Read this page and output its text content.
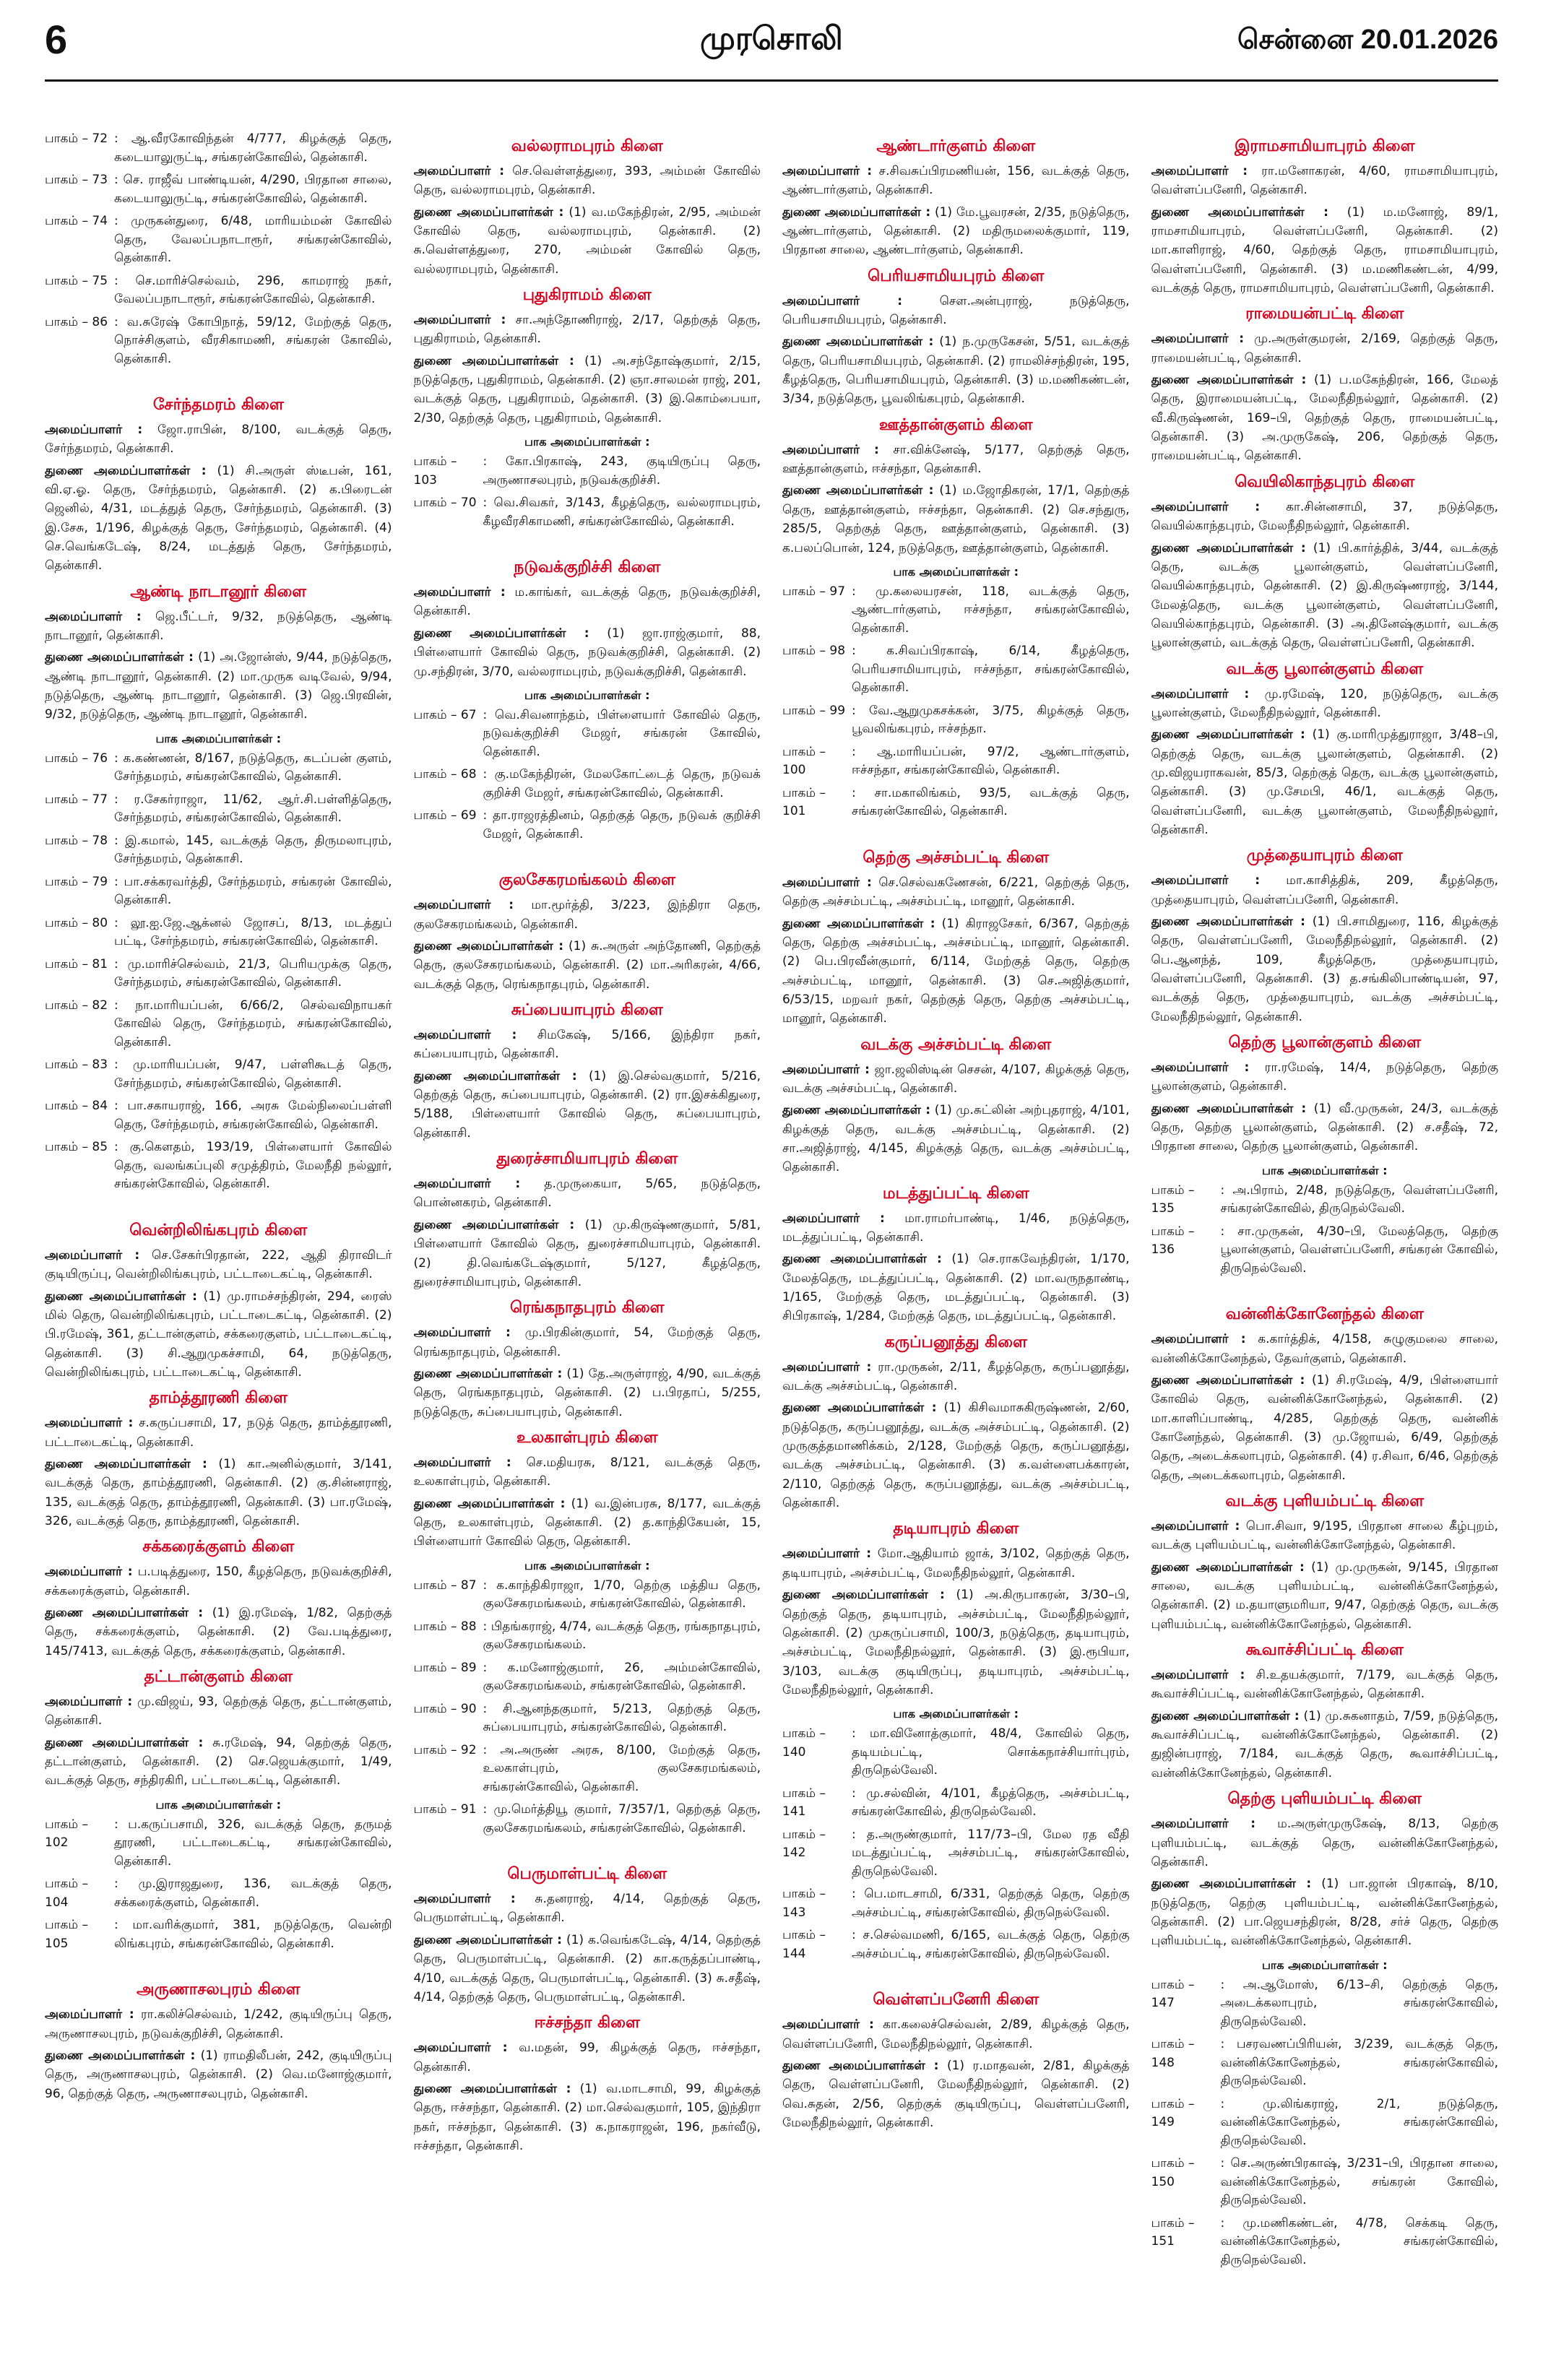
6	முரசொலி	சென்னை 20.01.2026
பாகம் – 72 : ஆ.வீரகோவிந்தன் 4/777, கிழக்குத் தெரு, கடையாலுருட்டி, சங்கரன்கோவில், தென்காசி.
பாகம் – 73 : செ. ராஜீவ் பாண்டியன், 4/290, பிரதான சாலை, கடையாலுருட்டி, சங்கரன்கோவில், தென்காசி.
பாகம் – 74 : முருகன்துரை, 6/48, மாரியம்மன் கோவில் தெரு, வேலப்பநாடாரூர், சங்கரன்கோவில், தென்காசி.
பாகம் – 75 : செ.மாரிச்செல்வம், 296, காமராஜ் நகர், வேலப்பநாடாரூர், சங்கரன்கோவில், தென்காசி.
பாகம் – 86 : வ.சுரேஷ் கோபிநாத், 59/12, மேற்குத் தெரு, நொச்சிகுளம், வீரசிகாமணி, சங்கரன் கோவில், தென்காசி.
சேர்ந்தமரம் கிளை
அமைப்பாளர் : ஜோ.ராபின், 8/100, வடக்குத் தெரு, சேர்ந்தமரம், தென்காசி.
துணை அமைப்பாளர்கள் : (1) சி.அருள் ஸ்டீபன், 161, வி.ஏ.ஓ. தெரு, சேர்ந்தமரம், தென்காசி. (2) க.பிரைடன் ஜெனில், 4/31, மடத்துத் தெரு, சேர்ந்தமரம், தென்காசி. (3) இ.சேசு, 1/196, கிழக்குத் தெரு, சேர்ந்தமரம், தென்காசி. (4) செ.வெங்கடேஷ், 8/24, மடத்துத் தெரு, சேர்ந்தமரம், தென்காசி.
ஆண்டி நாடானூர் கிளை
அமைப்பாளர் : ஜெ.பீட்டர், 9/32, நடுத்தெரு, ஆண்டி நாடானூர், தென்காசி.
துணை அமைப்பாளர்கள் : (1) அ.ஜோன்ஸ், 9/44, நடுத்தெரு, ஆண்டி நாடானூர், தென்காசி. (2) மா.முருக வடிவேல், 9/94, நடுத்தெரு, ஆண்டி நாடானூர், தென்காசி. (3) ஜெ.பிரவின், 9/32, நடுத்தெரு, ஆண்டி நாடானூர், தென்காசி.
பாக அமைப்பாளர்கள் :
பாகம் – 76 : க.கண்ணன், 8/167, நடுத்தெரு, கடப்பன் குளம், சேர்ந்தமரம், சங்கரன்கோவில், தென்காசி.
பாகம் – 77 : ர.சேகர்ராஜா, 11/62, ஆர்.சி.பள்ளித்தெரு, சேர்ந்தமரம், சங்கரன்கோவில், தென்காசி.
பாகம் – 78 : இ.கமால், 145, வடக்குத் தெரு, திருமலாபுரம், சேர்ந்தமரம், தென்காசி.
பாகம் – 79 : பா.சக்கரவர்த்தி, சேர்ந்தமரம், சங்கரன் கோவில், தென்காசி.
பாகம் – 80 : லூ.ஐ.ஜே.ஆக்னல் ஜோசப், 8/13, மடத்துப் பட்டி, சேர்ந்தமரம், சங்கரன்கோவில், தென்காசி.
பாகம் – 81 : மு.மாரிச்செல்வம், 21/3, பெரியமுக்கு தெரு, சேர்ந்தமரம், சங்கரன்கோவில், தென்காசி.
பாகம் – 82 : நா.மாரியப்பன், 6/66/2, செல்வவிநாயகர் கோவில் தெரு, சேர்ந்தமரம், சங்கரன்கோவில், தென்காசி.
பாகம் – 83 : மு.மாரியப்பன், 9/47, பள்ளிகூடத் தெரு, சேர்ந்தமரம், சங்கரன்கோவில், தென்காசி.
பாகம் – 84 : பா.சகாயராஜ், 166, அரசு மேல்நிலைப்பள்ளி தெரு, சேர்ந்தமரம், சங்கரன்கோவில், தென்காசி.
பாகம் – 85 : கு.கௌதம், 193/19, பிள்ளையார் கோவில் தெரு, வலங்கப்புலி சமுத்திரம், மேலநீதி நல்லூர், சங்கரன்கோவில், தென்காசி.
வென்றிலிங்கபுரம் கிளை
அமைப்பாளர் : செ.சேகர்பிரதான், 222, ஆதி திராவிடர் குடியிருப்பு, வென்றிலிங்கபுரம், பட்டாடைகட்டி, தென்காசி.
துணை அமைப்பாளர்கள் : (1) மு.ராமச்சந்திரன், 294, ரைஸ் மில் தெரு, வென்றிலிங்கபுரம், பட்டாடைகட்டி, தென்காசி. (2) பி.ரமேஷ், 361, தட்டான்குளம், சக்கரைகுளம், பட்டாடைகட்டி, தென்காசி. (3) சி.ஆறுமுகச்சாமி, 64, நடுத்தெரு, வென்றிலிங்கபுரம், பட்டாடைகட்டி, தென்காசி.
தாம்த்தூரணி கிளை
அமைப்பாளர் : ச.கருப்பசாமி, 17, நடுத் தெரு, தாம்த்தூரணி, பட்டாடைகட்டி, தென்காசி.
துணை அமைப்பாளர்கள் : (1) கா.அனில்குமார், 3/141, வடக்குத் தெரு, தாம்த்தூரணி, தென்காசி. (2) கு.சின்னராஜ், 135, வடக்குத் தெரு, தாம்த்தூரணி, தென்காசி. (3) பா.ரமேஷ், 326, வடக்குத் தெரு, தாம்த்தூரணி, தென்காசி.
சக்கரைக்குளம் கிளை
அமைப்பாளர் : ப.படித்துரை, 150, கீழத்தெரு, நடுவக்குறிச்சி, சக்கரைக்குளம், தென்காசி.
துணை அமைப்பாளர்கள் : (1) இ.ரமேஷ், 1/82, தெற்குத் தெரு, சக்கரைக்குளம், தென்காசி. (2) வே.படித்துரை, 145/7413, வடக்குத் தெரு, சக்கரைக்குளம், தென்காசி.
தட்டான்குளம் கிளை
அமைப்பாளர் : மு.விஜய், 93, தெற்குத் தெரு, தட்டான்குளம், தென்காசி.
துணை அமைப்பாளர்கள் : சு.ரமேஷ், 94, தெற்குத் தெரு, தட்டான்குளம், தென்காசி. (2) செ.ஜெயக்குமார், 1/49, வடக்குத் தெரு, சந்திரகிரி, பட்டாடைகட்டி, தென்காசி.
பாக அமைப்பாளர்கள் :
பாகம் – 102
: ப.கருப்பசாமி, 326, வடக்குத் தெரு, தருமத் தூரணி, பட்டாடைகட்டி, சங்கரன்கோவில், தென்காசி.
பாகம் – 104
: மு.இராஜதுரை, 136, வடக்குத் தெரு, சக்கரைக்குளம், தென்காசி.
பாகம் – 105
: மா.வரிக்குமார், 381, நடுத்தெரு, வென்றி லிங்கபுரம், சங்கரன்கோவில், தென்காசி.
அருணாசலபுரம் கிளை
அமைப்பாளர் : ரா.கலிச்செல்வம், 1/242, குடியிருப்பு தெரு, அருணாசலபுரம், நடுவக்குறிச்சி, தென்காசி.
துணை அமைப்பாளர்கள் : (1) ராமதிலீபன், 242, குடியிருப்பு தெரு, அருணாசலபுரம், தென்காசி. (2) வெ.மனோஜ்குமார், 96, தெற்குத் தெரு, அருணாசலபுரம், தென்காசி.
வல்லராமபுரம் கிளை
அமைப்பாளர் : செ.வெள்ளத்துரை, 393, அம்மன் கோவில் தெரு, வல்லராமபுரம், தென்காசி.
துணை அமைப்பாளர்கள் : (1) வ.மகேந்திரன், 2/95, அம்மன் கோவில் தெரு, வல்லராமபுரம், தென்காசி. (2) சு.வெள்ளத்துரை, 270, அம்மன் கோவில் தெரு, வல்லராமபுரம், தென்காசி.
புதுகிராமம் கிளை
அமைப்பாளர் : சா.அந்தோணிராஜ், 2/17, தெற்குத் தெரு, புதுகிராமம், தென்காசி.
துணை அமைப்பாளர்கள் : (1) அ.சந்தோஷ்குமார், 2/15, நடுத்தெரு, புதுகிராமம், தென்காசி. (2) ஞா.சாலமன் ராஜ், 201, வடக்குத் தெரு, புதுகிராமம், தென்காசி. (3) இ.கொம்பையா, 2/30, தெற்குத் தெரு, புதுகிராமம், தென்காசி.
பாக அமைப்பாளர்கள் :
பாகம் – 103
: கோ.பிரகாஷ், 243, குடியிருப்பு தெரு, அருணாசலபுரம், நடுவக்குறிச்சி.
பாகம் – 70 : வெ.சிவகர், 3/143, கீழத்தெரு, வல்லராமபுரம், கீழவீரசிகாமணி, சங்கரன்கோவில், தென்காசி.
நடுவக்குறிச்சி கிளை
அமைப்பாளர் : ம.காங்கர், வடக்குத் தெரு, நடுவக்குறிச்சி, தென்காசி.
துணை அமைப்பாளர்கள் : (1) ஜா.ராஜ்குமார், 88, பிள்ளையார் கோவில் தெரு, நடுவக்குறிச்சி, தென்காசி. (2) மு.சந்திரன், 3/70, வல்லராமபுரம், நடுவக்குறிச்சி, தென்காசி.
பாக அமைப்பாளர்கள் :
பாகம் – 67 : வெ.சிவனாந்தம், பிள்ளையார் கோவில் தெரு, நடுவக்குறிச்சி மேஜர், சங்கரன் கோவில், தென்காசி.
பாகம் – 68 : கு.மகேந்திரன், மேலகோட்டைத் தெரு, நடுவக் குறிச்சி மேஜர், சங்கரன்கோவில், தென்காசி.
பாகம் – 69 : தா.ராஜரத்தினம், தெற்குத் தெரு, நடுவக் குறிச்சி மேஜர், தென்காசி.
குலசேகரமங்கலம் கிளை
அமைப்பாளர் : மா.மூர்த்தி, 3/223, இந்திரா தெரு, குலசேகரமங்கலம், தென்காசி.
துணை அமைப்பாளர்கள் : (1) சு.அருள் அந்தோணி, தெற்குத் தெரு, குலசேகரமங்கலம், தென்காசி. (2) மா.அரிகரன், 4/66, வடக்குத் தெரு, ரெங்கநாதபுரம், தென்காசி.
சுப்பையாபுரம் கிளை
அமைப்பாளர் : சிமகேஷ், 5/166, இந்திரா நகர், சுப்பையாபுரம், தென்காசி.
துணை அமைப்பாளர்கள் : (1) இ.செல்வகுமார், 5/216, தெற்குத் தெரு, சுப்பையாபுரம், தென்காசி. (2) ரா.இசக்கிதுரை, 5/188, பிள்ளையார் கோவில் தெரு, சுப்பையாபுரம், தென்காசி.
துரைச்சாமியாபுரம் கிளை
அமைப்பாளர் : த.முருகையா, 5/65, நடுத்தெரு, பொன்னகரம், தென்காசி.
துணை அமைப்பாளர்கள் : (1) மு.கிருஷ்ணகுமார், 5/81, பிள்ளையார் கோவில் தெரு, துரைச்சாமியாபுரம், தென்காசி. (2) தி.வெங்கடேஷ்குமார், 5/127, கீழத்தெரு, துரைச்சாமியாபுரம், தென்காசி.
ரெங்கநாதபுரம் கிளை
அமைப்பாளர் : மு.பிரகின்குமார், 54, மேற்குத் தெரு, ரெங்கநாதபுரம், தென்காசி.
துணை அமைப்பாளர்கள் : (1) தே.அருள்ராஜ், 4/90, வடக்குத் தெரு, ரெங்கநாதபுரம், தென்காசி. (2) ப.பிரதாப், 5/255, நடுத்தெரு, சுப்பையாபுரம், தென்காசி.
உலகாள்புரம் கிளை
அமைப்பாளர் : செ.மதியரசு, 8/121, வடக்குத் தெரு, உலகாள்புரம், தென்காசி.
துணை அமைப்பாளர்கள் : (1) வ.இன்பரசு, 8/177, வடக்குத் தெரு, உலகாள்புரம், தென்காசி. (2) த.காந்திகேயன், 15, பிள்ளையார் கோவில் தெரு, தென்காசி.
பாக அமைப்பாளர்கள் :
பாகம் – 87 : க.காந்திகிராஜா, 1/70, தெற்கு மத்திய தெரு, குலசேகரமங்கலம், சங்கரன்கோவில், தென்காசி.
பாகம் – 88 : பிதங்கராஜ், 4/74, வடக்குத் தெரு, ரங்கநாதபுரம், குலசேகரமங்கலம்.
பாகம் – 89 : க.மனோஜ்குமார், 26, அம்மன்கோவில், குலசேகரமங்கலம், சங்கரன்கோவில், தென்காசி.
பாகம் – 90 : சி.ஆனந்தகுமார், 5/213, தெற்குத் தெரு, சுப்பையாபுரம், சங்கரன்கோவில், தென்காசி.
பாகம் – 92 : அ.அருண் அரசு, 8/100, மேற்குத் தெரு, உலகாள்புரம், குலசேகரமங்கலம், சங்கரன்கோவில், தென்காசி.
பாகம் – 91 : மு.மெர்த்தியூ குமார், 7/357/1, தெற்குத் தெரு, குலசேகரமங்கலம், சங்கரன்கோவில், தென்காசி.
பெருமாள்பட்டி கிளை
அமைப்பாளர் : சு.தனராஜ், 4/14, தெற்குத் தெரு, பெருமாள்பட்டி, தென்காசி.
துணை அமைப்பாளர்கள் : (1) க.வெங்கடேஷ், 4/14, தெற்குத் தெரு, பெருமாள்பட்டி, தென்காசி. (2) கா.கருத்தப்பாண்டி, 4/10, வடக்குத் தெரு, பெருமாள்பட்டி, தென்காசி. (3) சு.சதீஷ், 4/14, தெற்குத் தெரு, பெருமாள்பட்டி, தென்காசி.
ஈச்சந்தா கிளை
அமைப்பாளர் : வ.மதன், 99, கிழக்குத் தெரு, ஈச்சந்தா, தென்காசி.
துணை அமைப்பாளர்கள் : (1) வ.மாடசாமி, 99, கிழக்குத் தெரு, ஈச்சந்தா, தென்காசி. (2) மா.செல்வகுமார், 105, இந்திரா நகர், ஈச்சந்தா, தென்காசி. (3) க.நாகராஜன், 196, நகர்வீடு, ஈச்சந்தா, தென்காசி.
ஆண்டார்குளம் கிளை
அமைப்பாளர் : ச.சிவசுப்பிரமணியன், 156, வடக்குத் தெரு, ஆண்டார்குளம், தென்காசி.
துணை அமைப்பாளர்கள் : (1) மே.பூவரசன், 2/35, நடுத்தெரு, ஆண்டார்குளம், தென்காசி. (2) மதிருமலைக்குமார், 119, பிரதான சாலை, ஆண்டார்குளம், தென்காசி.
பெரியசாமியபுரம் கிளை
அமைப்பாளர் : செள.அன்புராஜ், நடுத்தெரு, பெரியசாமியபுரம், தென்காசி.
துணை அமைப்பாளர்கள் : (1) ந.முருகேசன், 5/51, வடக்குத் தெரு, பெரியசாமியபுரம், தென்காசி. (2) ராமலிச்சந்திரன், 195, கீழத்தெரு, பெரியசாமியபுரம், தென்காசி. (3) ம.மணிகண்டன், 3/34, நடுத்தெரு, பூவலிங்கபுரம், தென்காசி.
ஊத்தான்குளம் கிளை
அமைப்பாளர் : சா.விக்னேஷ், 5/177, தெற்குத் தெரு, ஊத்தான்குளம், ஈச்சந்தா, தென்காசி.
துணை அமைப்பாளர்கள் : (1) ம.ஜோதிகரன், 17/1, தெற்குத் தெரு, ஊத்தான்குளம், ஈச்சந்தா, தென்காசி. (2) செ.சந்துரு, 285/5, தெற்குத் தெரு, ஊத்தான்குளம், தென்காசி. (3) க.பலப்பொன், 124, நடுத்தெரு, ஊத்தான்குளம், தென்காசி.
பாக அமைப்பாளர்கள் :
பாகம் – 97 : மு.கலையரசன், 118, வடக்குத் தெரு, ஆண்டார்குளம், ஈச்சந்தா, சங்கரன்கோவில், தென்காசி.
பாகம் – 98 : க.சிவப்பிரகாஷ், 6/14, கீழத்தெரு, பெரியசாமியாபுரம், ஈச்சந்தா, சங்கரன்கோவில், தென்காசி.
பாகம் – 99 : வே.ஆறுமுகசக்கன், 3/75, கிழக்குத் தெரு, பூவலிங்கபுரம், ஈச்சந்தா.
பாகம் – 100
: ஆ.மாரியப்பன், 97/2, ஆண்டார்குளம், ஈச்சந்தா, சங்கரன்கோவில், தென்காசி.
பாகம் – 101
: சா.மகாலிங்கம், 93/5, வடக்குத் தெரு, சங்கரன்கோவில், தென்காசி.
தெற்கு அச்சம்பட்டி கிளை
அமைப்பாளர் : செ.செல்வகணேசன், 6/221, தெற்குத் தெரு, தெற்கு அச்சம்பட்டி, அச்சம்பட்டி, மானூர், தென்காசி.
துணை அமைப்பாளர்கள் : (1) கிராஜசேகர், 6/367, தெற்குத் தெரு, தெற்கு அச்சம்பட்டி, அச்சம்பட்டி, மானூர், தென்காசி. (2) பெ.பிரவீன்குமார், 6/114, மேற்குத் தெரு, தெற்கு அச்சம்பட்டி, மானூர், தென்காசி. (3) செ.அஜித்குமார், 6/53/15, மறவர் நகர், தெற்குத் தெரு, தெற்கு அச்சம்பட்டி, மானூர், தென்காசி.
வடக்கு அச்சம்பட்டி கிளை
அமைப்பாளர் : ஜா.ஜலிஸ்டின் செசன், 4/107, கிழக்குத் தெரு, வடக்கு அச்சம்பட்டி, தென்காசி.
துணை அமைப்பாளர்கள் : (1) மு.சுட்லின் அற்புதராஜ், 4/101, கிழக்குத் தெரு, வடக்கு அச்சம்பட்டி, தென்காசி. (2) சா.அஜித்ராஜ், 4/145, கிழக்குத் தெரு, வடக்கு அச்சம்பட்டி, தென்காசி.
மடத்துப்பட்டி கிளை
அமைப்பாளர் : மா.ராமர்பாண்டி, 1/46, நடுத்தெரு, மடத்துப்பட்டி, தென்காசி.
துணை அமைப்பாளர்கள் : (1) செ.ராகவேந்திரன், 1/170, மேலத்தெரு, மடத்துப்பட்டி, தென்காசி. (2) மா.வருநதாண்டி, 1/165, மேற்குத் தெரு, மடத்துப்பட்டி, தென்காசி. (3) சிபிரகாஷ், 1/284, மேற்குத் தெரு, மடத்துப்பட்டி, தென்காசி.
கருப்பனூத்து கிளை
அமைப்பாளர் : ரா.முருகன், 2/11, கீழத்தெரு, கருப்பனூத்து, வடக்கு அச்சம்பட்டி, தென்காசி.
துணை அமைப்பாளர்கள் : (1) கிசிவமாசுகிருஷ்ணன், 2/60, நடுத்தெரு, கருப்பனூத்து, வடக்கு அச்சம்பட்டி, தென்காசி. (2) முருகுத்தமாணிக்கம், 2/128, மேற்குத் தெரு, கருப்பனூத்து, வடக்கு அச்சம்பட்டி, தென்காசி. (3) க.வள்ளைபக்காரன், 2/110, தெற்குத் தெரு, கருப்பனூத்து, வடக்கு அச்சம்பட்டி, தென்காசி.
தடியாபுரம் கிளை
அமைப்பாளர் : மோ.ஆதியாம் ஜாக், 3/102, தெற்குத் தெரு, தடியாபுரம், அச்சம்பட்டி, மேலநீதிநல்லூர், தென்காசி.
துணை அமைப்பாளர்கள் : (1) அ.கிருபாகரன், 3/30–பி, தெற்குத் தெரு, தடியாபுரம், அச்சம்பட்டி, மேலநீதிநல்லூர், தென்காசி. (2) முகருப்பசாமி, 100/3, நடுத்தெரு, தடியாபுரம், அச்சம்பட்டி, மேலநீதிநல்லூர், தென்காசி. (3) இ.ரூபியா, 3/103, வடக்கு குடியிருப்பு, தடியாபுரம், அச்சம்பட்டி, மேலநீதிநல்லூர், தென்காசி.
பாக அமைப்பாளர்கள் :
பாகம் – 140
: மா.வினோத்குமார், 48/4, கோவில் தெரு, தடியம்பட்டி, சொக்கநாச்சியார்புரம், திருநெல்வேலி.
பாகம் – 141
: மு.சல்வின், 4/101, கீழத்தெரு, அச்சம்பட்டி, சங்கரன்கோவில், திருநெல்வேலி.
பாகம் – 142
: த.அருண்குமார், 117/73–பி, மேல ரத வீதி மடத்துப்பட்டி, அச்சம்பட்டி, சங்கரன்கோவில், திருநெல்வேலி.
பாகம் – 143
: பெ.மாடசாமி, 6/331, தெற்குத் தெரு, தெற்கு அச்சம்பட்டி, சங்கரன்கோவில், திருநெல்வேலி.
பாகம் – 144
: ச.செல்வமணி, 6/165, வடக்குத் தெரு, தெற்கு அச்சம்பட்டி, சங்கரன்கோவில், திருநெல்வேலி.
வெள்ளப்பனேரி கிளை
அமைப்பாளர் : கா.கலைச்செல்வன், 2/89, கிழக்குத் தெரு, வெள்ளப்பனேரி, மேலநீதிநல்லூர், தென்காசி.
துணை அமைப்பாளர்கள் : (1) ர.மாதவன், 2/81, கிழக்குத் தெரு, வெள்ளப்பனேரி, மேலநீதிநல்லூர், தென்காசி. (2) வெ.சுதன், 2/56, தெற்குக் குடியிருப்பு, வெள்ளப்பனேரி, மேலநீதிநல்லூர், தென்காசி.
இராமசாமியாபுரம் கிளை
அமைப்பாளர் : ரா.மனோகரன், 4/60, ராமசாமியாபுரம், வெள்ளப்பனேரி, தென்காசி.
துணை அமைப்பாளர்கள் : (1) ம.மனோஜ், 89/1, ராமசாமியாபுரம், வெள்ளப்பனேரி, தென்காசி. (2) மா.காளிராஜ், 4/60, தெற்குத் தெரு, ராமசாமியாபுரம், வெள்ளப்பனேரி, தென்காசி. (3) ம.மணிகண்டன், 4/99, வடக்குத் தெரு, ராமசாமியாபுரம், வெள்ளப்பனேரி, தென்காசி.
ராமையன்பட்டி கிளை
அமைப்பாளர் : மு.அருள்குமரன், 2/169, தெற்குத் தெரு, ராமையன்பட்டி, தென்காசி.
துணை அமைப்பாளர்கள் : (1) ப.மகேந்திரன், 166, மேலத் தெரு, இராமையன்பட்டி, மேலநீதிநல்லூர், தென்காசி. (2) வீ.கிருஷ்ணன், 169–பி, தெற்குத் தெரு, ராமையன்பட்டி, தென்காசி. (3) அ.முருகேஷ், 206, தெற்குத் தெரு, ராமையன்பட்டி, தென்காசி.
வெயிலிகாந்தபுரம் கிளை
அமைப்பாளர் : கா.சின்னசாமி, 37, நடுத்தெரு, வெயில்காந்தபுரம், மேலநீதிநல்லூர், தென்காசி.
துணை அமைப்பாளர்கள் : (1) பி.கார்த்திக், 3/44, வடக்குத் தெரு, வடக்கு பூலான்குளம், வெள்ளப்பனேரி, வெயில்காந்தபுரம், தென்காசி. (2) இ.கிருஷ்ணராஜ், 3/144, மேலத்தெரு, வடக்கு பூலான்குளம், வெள்ளப்பனேரி, வெயில்காந்தபுரம், தென்காசி. (3) அ.தினேஷ்குமார், வடக்கு பூலான்குளம், வடக்குத் தெரு, வெள்ளப்பனேரி, தென்காசி.
வடக்கு பூலான்குளம் கிளை
அமைப்பாளர் : மு.ரமேஷ், 120, நடுத்தெரு, வடக்கு பூலான்குளம், மேலநீதிநல்லூர், தென்காசி.
துணை அமைப்பாளர்கள் : (1) கு.மாரிமுத்துராஜா, 3/48–பி, தெற்குத் தெரு, வடக்கு பூலான்குளம், தென்காசி. (2) மு.விஜயராகவன், 85/3, தெற்குத் தெரு, வடக்கு பூலான்குளம், தென்காசி. (3) மு.சேமபி, 46/1, வடக்குத் தெரு, வெள்ளப்பனேரி, வடக்கு பூலான்குளம், மேலநீதிநல்லூர், தென்காசி.
முத்தையாபுரம் கிளை
அமைப்பாளர் : மா.காசித்திக், 209, கீழத்தெரு, முத்தையாபுரம், வெள்ளப்பனேரி, தென்காசி.
துணை அமைப்பாளர்கள் : (1) பி.சாமிதுரை, 116, கிழக்குத் தெரு, வெள்ளப்பனேரி, மேலநீதிநல்லூர், தென்காசி. (2) பெ.ஆனந்த், 109, கீழத்தெரு, முத்தையாபுரம், வெள்ளப்பனேரி, தென்காசி. (3) த.சங்கிலிபாண்டியன், 97, வடக்குத் தெரு, முத்தையாபுரம், வடக்கு அச்சம்பட்டி, மேலநீதிநல்லூர், தென்காசி.
தெற்கு பூலான்குளம் கிளை
அமைப்பாளர் : ரா.ரமேஷ், 14/4, நடுத்தெரு, தெற்கு பூலான்குளம், தென்காசி.
துணை அமைப்பாளர்கள் : (1) வீ.முருகன், 24/3, வடக்குத் தெரு, தெற்கு பூலான்குளம், தென்காசி. (2) ச.சதீஷ், 72, பிரதான சாலை, தெற்கு பூலான்குளம், தென்காசி.
பாக அமைப்பாளர்கள் :
பாகம் – 135
: அ.பிராம், 2/48, நடுத்தெரு, வெள்ளப்பனேரி, சங்கரன்கோவில், திருநெல்வேலி.
பாகம் – 136
: சா.முருகன், 4/30–பி, மேலத்தெரு, தெற்கு பூலான்குளம், வெள்ளப்பனேரி, சங்கரன் கோவில், திருநெல்வேலி.
வன்னிக்கோனேந்தல் கிளை
அமைப்பாளர் : க.கார்த்திக், 4/158, சுழுகுமலை சாலை, வன்னிக்கோனேந்தல், தேவர்குளம், தென்காசி.
துணை அமைப்பாளர்கள் : (1) சி.ரமேஷ், 4/9, பிள்ளையார் கோவில் தெரு, வன்னிக்கோனேந்தல், தென்காசி. (2) மா.காளிப்பாண்டி, 4/285, தெற்குத் தெரு, வன்னிக் கோனேந்தல், தென்காசி. (3) மு.ஜோயல், 6/49, தெற்குத் தெரு, அடைக்கலாபுரம், தென்காசி. (4) ர.சிவா, 6/46, தெற்குத் தெரு, அடைக்கலாபுரம், தென்காசி.
வடக்கு புளியம்பட்டி கிளை
அமைப்பாளர் : பொ.சிவா, 9/195, பிரதான சாலை கீழ்புறம், வடக்கு புளியம்பட்டி, வன்னிக்கோனேந்தல், தென்காசி.
துணை அமைப்பாளர்கள் : (1) மு.முருகன், 9/145, பிரதான சாலை, வடக்கு புளியம்பட்டி, வன்னிக்கோனேந்தல், தென்காசி. (2) ம.தயாளுமரியா, 9/47, தெற்குத் தெரு, வடக்கு புளியம்பட்டி, வன்னிக்கோனேந்தல், தென்காசி.
கூவாச்சிப்பட்டி கிளை
அமைப்பாளர் : சி.உதயக்குமார், 7/179, வடக்குத் தெரு, கூவாச்சிப்பட்டி, வன்னிக்கோனேந்தல், தென்காசி.
துணை அமைப்பாளர்கள் : (1) மு.சுகனாதம், 7/59, நடுத்தெரு, கூவாச்சிப்பட்டி, வன்னிக்கோனேந்தல், தென்காசி. (2) துஜின்பராஜ், 7/184, வடக்குத் தெரு, கூவாச்சிப்பட்டி, வன்னிக்கோனேந்தல், தென்காசி.
தெற்கு புளியம்பட்டி கிளை
அமைப்பாளர் : ம.அருள்முருகேஷ், 8/13, தெற்கு புளியம்பட்டி, வடக்குத் தெரு, வன்னிக்கோனேந்தல், தென்காசி.
துணை அமைப்பாளர்கள் : (1) பா.ஜான் பிரகாஷ், 8/10, நடுத்தெரு, தெற்கு புளியம்பட்டி, வன்னிக்கோனேந்தல், தென்காசி. (2) பா.ஜெயசந்திரன், 8/28, சர்ச் தெரு, தெற்கு புளியம்பட்டி, வன்னிக்கோனேந்தல், தென்காசி.
பாக அமைப்பாளர்கள் :
பாகம் – 147
: அ.ஆமோஸ், 6/13–சி, தெற்குத் தெரு, அடைக்கலாபுரம், சங்கரன்கோவில், திருநெல்வேலி.
பாகம் – 148
: பசரவணப்பிரியன், 3/239, வடக்குத் தெரு, வன்னிக்கோனேந்தல், சங்கரன்கோவில், திருநெல்வேலி.
பாகம் – 149
: மு.லிங்கராஜ், 2/1, நடுத்தெரு, வன்னிக்கோனேந்தல், சங்கரன்கோவில், திருநெல்வேலி.
பாகம் – 150
: செ.அருண்பிரகாஷ், 3/231–பி, பிரதான சாலை, வன்னிக்கோனேந்தல், சங்கரன் கோவில், திருநெல்வேலி.
பாகம் – 151
: மு.மணிகண்டன், 4/78, செக்கடி தெரு, வன்னிக்கோனேந்தல், சங்கரன்கோவில், திருநெல்வேலி.
